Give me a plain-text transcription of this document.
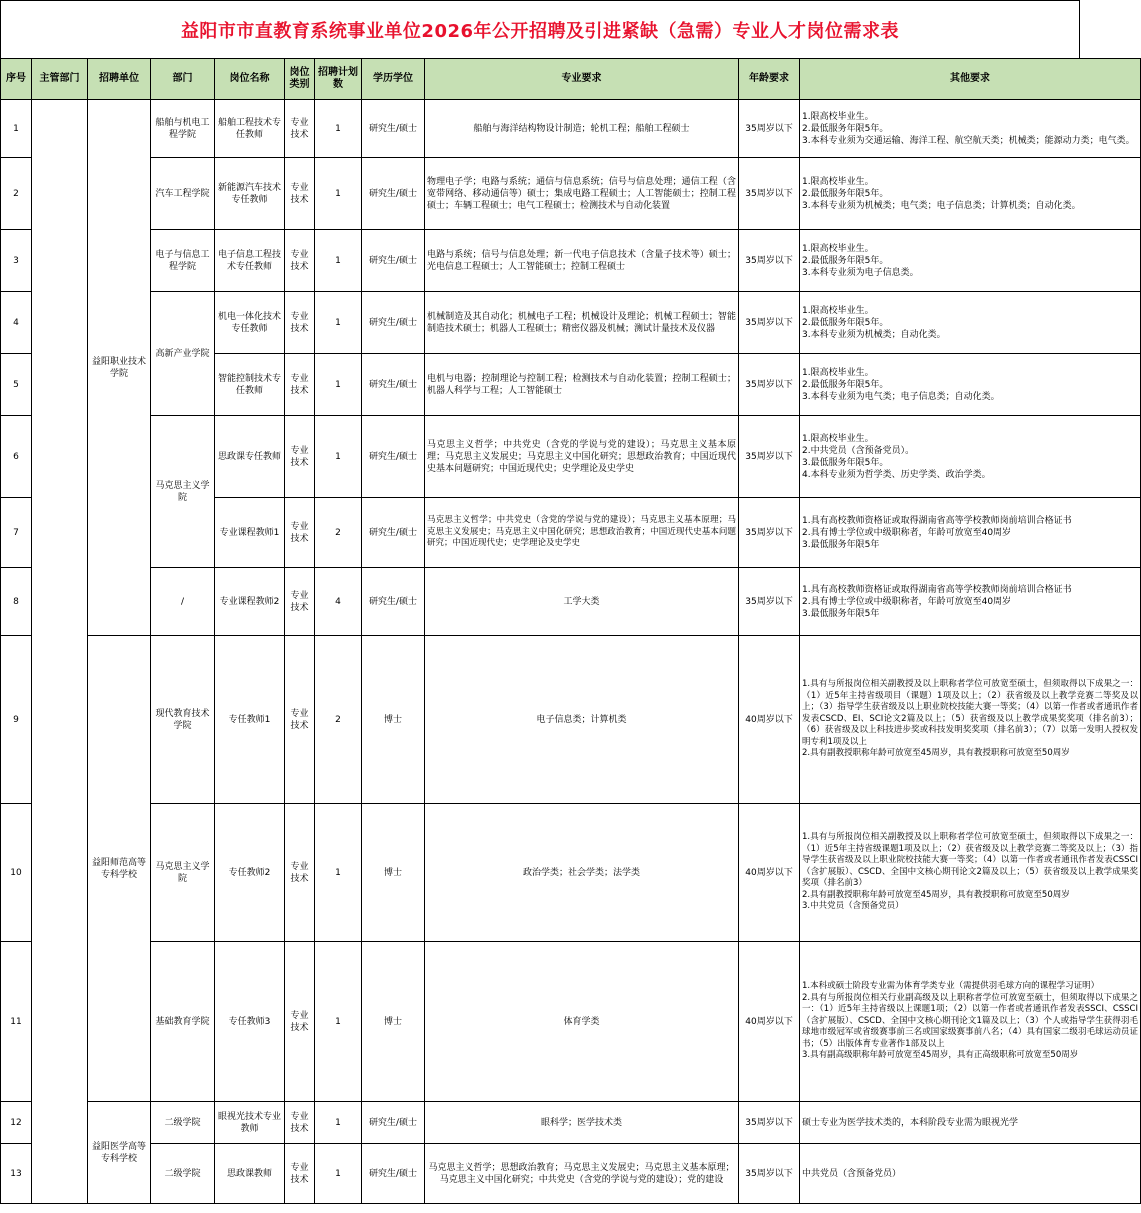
益阳市市直教育系统事业单位2026年公开招聘及引进紧缺（急需）专业人才岗位需求表
序号	主管部门	招聘单位	部门	岗位名称	岗位类别	招聘计划数	学历学位	专业要求	年龄要求	其他要求
1		益阳职业技术学院	船舶与机电工程学院	船舶工程技术专任教师	专业技术	1	研究生/硕士	船舶与海洋结构物设计制造；轮机工程；船舶工程硕士	35周岁以下	1.限高校毕业生。
2.最低服务年限5年。
3.本科专业须为交通运输、海洋工程、航空航天类；机械类；能源动力类；电气类。

2			汽车工程学院	新能源汽车技术专任教师	专业技术	1	研究生/硕士	物理电子学；电路与系统；通信与信息系统；信号与信息处理；通信工程（含宽带网络、移动通信等）硕士；集成电路工程硕士；人工智能硕士；控制工程硕士；车辆工程硕士；电气工程硕士；检测技术与自动化装置	35周岁以下	1.限高校毕业生。
2.最低服务年限5年。
3.本科专业须为机械类；电气类；电子信息类；计算机类；自动化类。

3			电子与信息工程学院	电子信息工程技术专任教师	专业技术	1	研究生/硕士	电路与系统；信号与信息处理；新一代电子信息技术（含量子技术等）硕士；光电信息工程硕士；人工智能硕士；控制工程硕士	35周岁以下	1.限高校毕业生。
2.最低服务年限5年。
3.本科专业须为电子信息类。

4			高新产业学院	机电一体化技术专任教师	专业技术	1	研究生/硕士	机械制造及其自动化；机械电子工程；机械设计及理论；机械工程硕士；智能制造技术硕士；机器人工程硕士；精密仪器及机械；测试计量技术及仪器	35周岁以下	1.限高校毕业生。
2.最低服务年限5年。
3.本科专业须为机械类；自动化类。

5				智能控制技术专任教师	专业技术	1	研究生/硕士	电机与电器；控制理论与控制工程；检测技术与自动化装置；控制工程硕士；机器人科学与工程；人工智能硕士	35周岁以下	1.限高校毕业生。
2.最低服务年限5年。
3.本科专业须为电气类；电子信息类；自动化类。

6			马克思主义学院	思政课专任教师	专业技术	1	研究生/硕士	马克思主义哲学；中共党史（含党的学说与党的建设）；马克思主义基本原理；马克思主义发展史；马克思主义中国化研究；思想政治教育；中国近现代史基本问题研究；中国近现代史；史学理论及史学史	35周岁以下	1.限高校毕业生。
2.中共党员（含预备党员）。
3.最低服务年限5年。
4.本科专业须为哲学类、历史学类、政治学类。

7				专业课程教师1	专业技术	2	研究生/硕士	马克思主义哲学；中共党史（含党的学说与党的建设）；马克思主义基本原理；马克思主义发展史；马克思主义中国化研究；思想政治教育；中国近现代史基本问题研究；中国近现代史；史学理论及史学史	35周岁以下	1.具有高校教师资格证或取得湖南省高等学校教师岗前培训合格证书
2.具有博士学位或中级职称者，年龄可放宽至40周岁
3.最低服务年限5年

8			/	专业课程教师2	专业技术	4	研究生/硕士	工学大类	35周岁以下	1.具有高校教师资格证或取得湖南省高等学校教师岗前培训合格证书
2.具有博士学位或中级职称者，年龄可放宽至40周岁
3.最低服务年限5年

9		益阳师范高等专科学校	现代教育技术学院	专任教师1	专业技术	2	博士	电子信息类；计算机类	40周岁以下	1.具有与所报岗位相关副教授及以上职称者学位可放宽至硕士，但须取得以下成果之一：（1）近5年主持省级项目（课题）1项及以上；（2）获省级及以上教学竞赛二等奖及以上；（3）指导学生获省级及以上职业院校技能大赛一等奖；（4）以第一作者或者通讯作者发表CSCD、EI、SCI论文2篇及以上；（5）获省级及以上教学成果奖奖项（排名前3）；（6）获省级及以上科技进步奖或科技发明奖奖项（排名前3）；（7）以第一发明人授权发明专利1项及以上
2.具有副教授职称年龄可放宽至45周岁，具有教授职称可放宽至50周岁

10			马克思主义学院	专任教师2	专业技术	1	博士	政治学类；社会学类；法学类	40周岁以下	1.具有与所报岗位相关副教授及以上职称者学位可放宽至硕士，但须取得以下成果之一：（1）近5年主持省级课题1项及以上；（2）获省级及以上教学竞赛二等奖及以上；（3）指导学生获省级及以上职业院校技能大赛一等奖；（4）以第一作者或者通讯作者发表CSSCI（含扩展版）、CSCD、全国中文核心期刊论文2篇及以上；（5）获省级及以上教学成果奖奖项（排名前3）
2.具有副教授职称年龄可放宽至45周岁，具有教授职称可放宽至50周岁
3.中共党员（含预备党员）

11			基础教育学院	专任教师3	专业技术	1	博士	体育学类	40周岁以下	1.本科或硕士阶段专业需为体育学类专业（需提供羽毛球方向的课程学习证明）
2.具有与所报岗位相关行业副高级及以上职称者学位可放宽至硕士，但须取得以下成果之一：（1）近5年主持省级以上课题1项；（2）以第一作者或者通讯作者发表SSCI、CSSCI（含扩展版）、CSCD、全国中文核心期刊论文1篇及以上；（3）个人或指导学生获得羽毛球地市级冠军或省级赛事前三名或国家级赛事前八名；（4）具有国家二级羽毛球运动员证书；（5）出版体育专业著作1部及以上
3.具有副高级职称年龄可放宽至45周岁，具有正高级职称可放宽至50周岁

12		益阳医学高等专科学校	二级学院	眼视光技术专业教师	专业技术	1	研究生/硕士	眼科学；医学技术类	35周岁以下	硕士专业为医学技术类的，本科阶段专业需为眼视光学

13			二级学院	思政课教师	专业技术	1	研究生/硕士	马克思主义哲学；思想政治教育；马克思主义发展史；马克思主义基本原理；马克思主义中国化研究；中共党史（含党的学说与党的建设）；党的建设	35周岁以下	中共党员（含预备党员）
